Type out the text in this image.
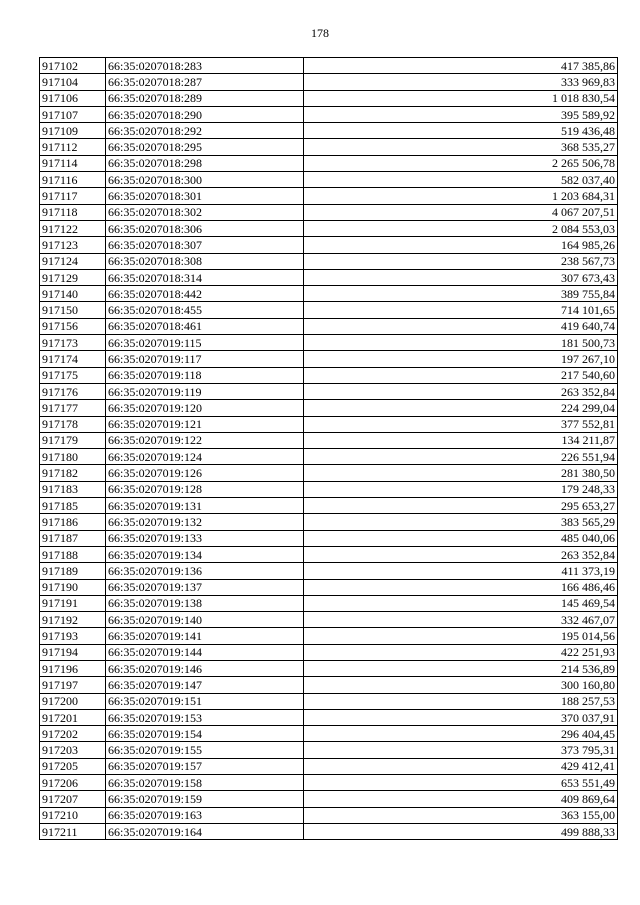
178
917102	66:35:0207018:283	417 385,86
917104	66:35:0207018:287	333 969,83
917106	66:35:0207018:289	1 018 830,54
917107	66:35:0207018:290	395 589,92
917109	66:35:0207018:292	519 436,48
917112	66:35:0207018:295	368 535,27
917114	66:35:0207018:298	2 265 506,78
917116	66:35:0207018:300	582 037,40
917117	66:35:0207018:301	1 203 684,31
917118	66:35:0207018:302	4 067 207,51
917122	66:35:0207018:306	2 084 553,03
917123	66:35:0207018:307	164 985,26
917124	66:35:0207018:308	238 567,73
917129	66:35:0207018:314	307 673,43
917140	66:35:0207018:442	389 755,84
917150	66:35:0207018:455	714 101,65
917156	66:35:0207018:461	419 640,74
917173	66:35:0207019:115	181 500,73
917174	66:35:0207019:117	197 267,10
917175	66:35:0207019:118	217 540,60
917176	66:35:0207019:119	263 352,84
917177	66:35:0207019:120	224 299,04
917178	66:35:0207019:121	377 552,81
917179	66:35:0207019:122	134 211,87
917180	66:35:0207019:124	226 551,94
917182	66:35:0207019:126	281 380,50
917183	66:35:0207019:128	179 248,33
917185	66:35:0207019:131	295 653,27
917186	66:35:0207019:132	383 565,29
917187	66:35:0207019:133	485 040,06
917188	66:35:0207019:134	263 352,84
917189	66:35:0207019:136	411 373,19
917190	66:35:0207019:137	166 486,46
917191	66:35:0207019:138	145 469,54
917192	66:35:0207019:140	332 467,07
917193	66:35:0207019:141	195 014,56
917194	66:35:0207019:144	422 251,93
917196	66:35:0207019:146	214 536,89
917197	66:35:0207019:147	300 160,80
917200	66:35:0207019:151	188 257,53
917201	66:35:0207019:153	370 037,91
917202	66:35:0207019:154	296 404,45
917203	66:35:0207019:155	373 795,31
917205	66:35:0207019:157	429 412,41
917206	66:35:0207019:158	653 551,49
917207	66:35:0207019:159	409 869,64
917210	66:35:0207019:163	363 155,00
917211	66:35:0207019:164	499 888,33
